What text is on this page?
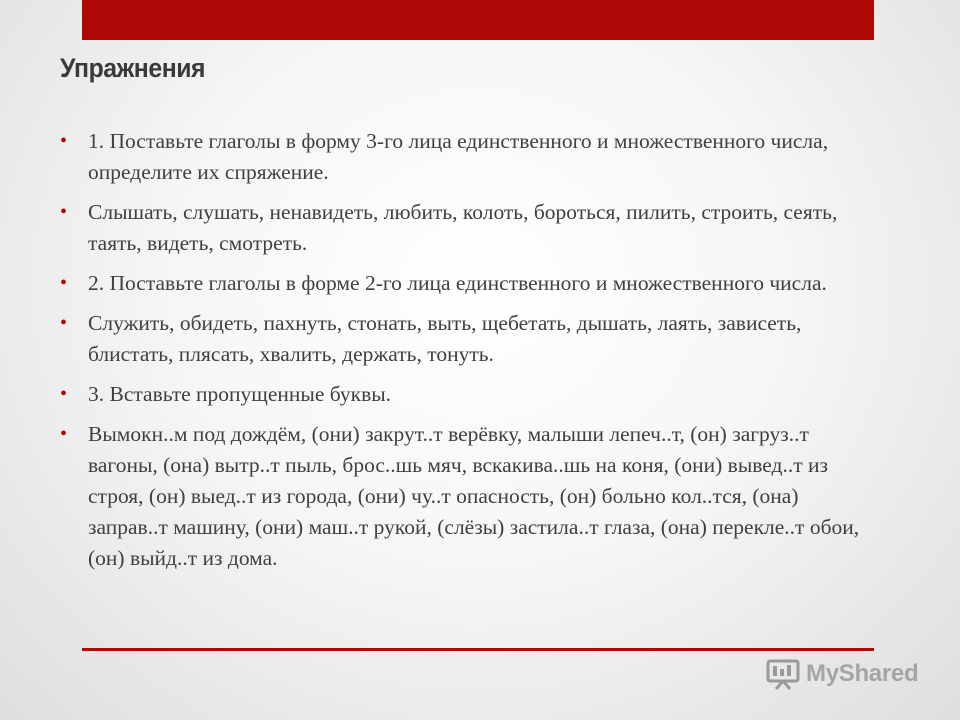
Упражнения
• 1. Поставьте глаголы в форму 3-го лица единственного и множественного числа, определите их спряжение.
• Слышать, слушать, ненавидеть, любить, колоть, бороться, пилить, строить, сеять, таять, видеть, смотреть.
• 2. Поставьте глаголы в форме 2-го лица единственного и множественного числа.
• Служить, обидеть, пахнуть, стонать, выть, щебетать, дышать, лаять, зависеть, блистать, плясать, хвалить, держать, тонуть.
• 3. Вставьте пропущенные буквы.
• Вымокн..м под дождём, (они) закрут..т верёвку, малыши лепеч..т, (он) загруз..т вагоны, (она) вытр..т пыль, брос..шь мяч, вскакива..шь на коня, (они) вывед..т из строя, (он) выед..т из города, (они) чу..т опасность, (он) больно кол..тся, (она) заправ..т машину, (они) маш..т рукой, (слёзы) застила..т глаза, (она) перекле..т обои, (он) выйд..т из дома.
MyShared
